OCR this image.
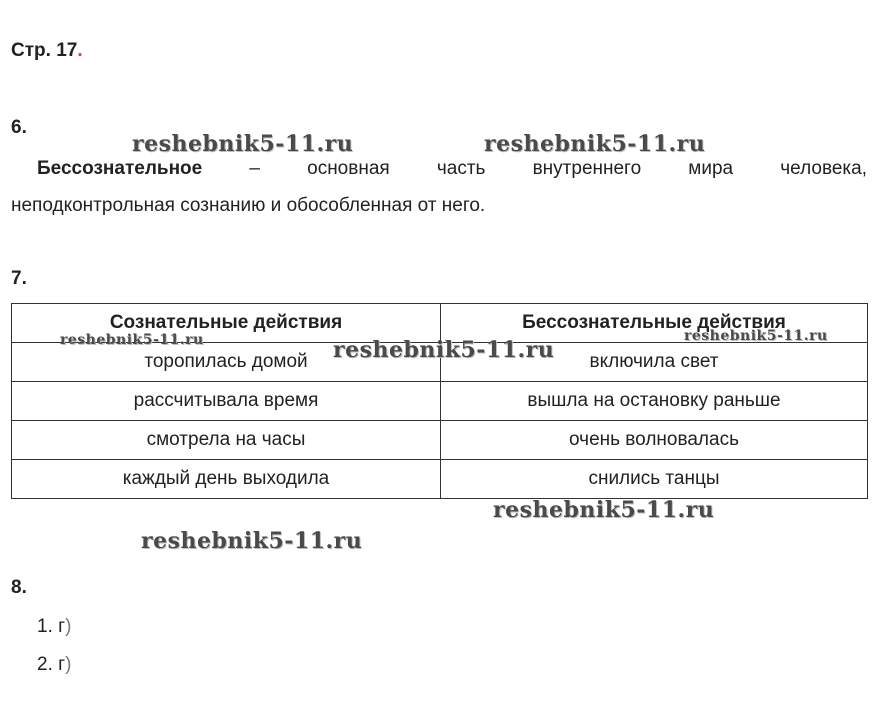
Стр. 17.
6.
Бессознательное – основная часть внутреннего мира человека,
неподконтрольная сознанию и обособленная от него.
7.
Сознательные действия	Бессознательные действия
торопилась домой	включила свет
рассчитывала время	вышла на остановку раньше
смотрела на часы	очень волновалась
каждый день выходила	снились танцы
8.
1. г)
2. г)
reshebnik5-11.ru	reshebnik5-11.ru
reshebnik5-11.ru	reshebnik5-11.ru
reshebnik5-11.ru
reshebnik5-11.ru
reshebnik5-11.ru
